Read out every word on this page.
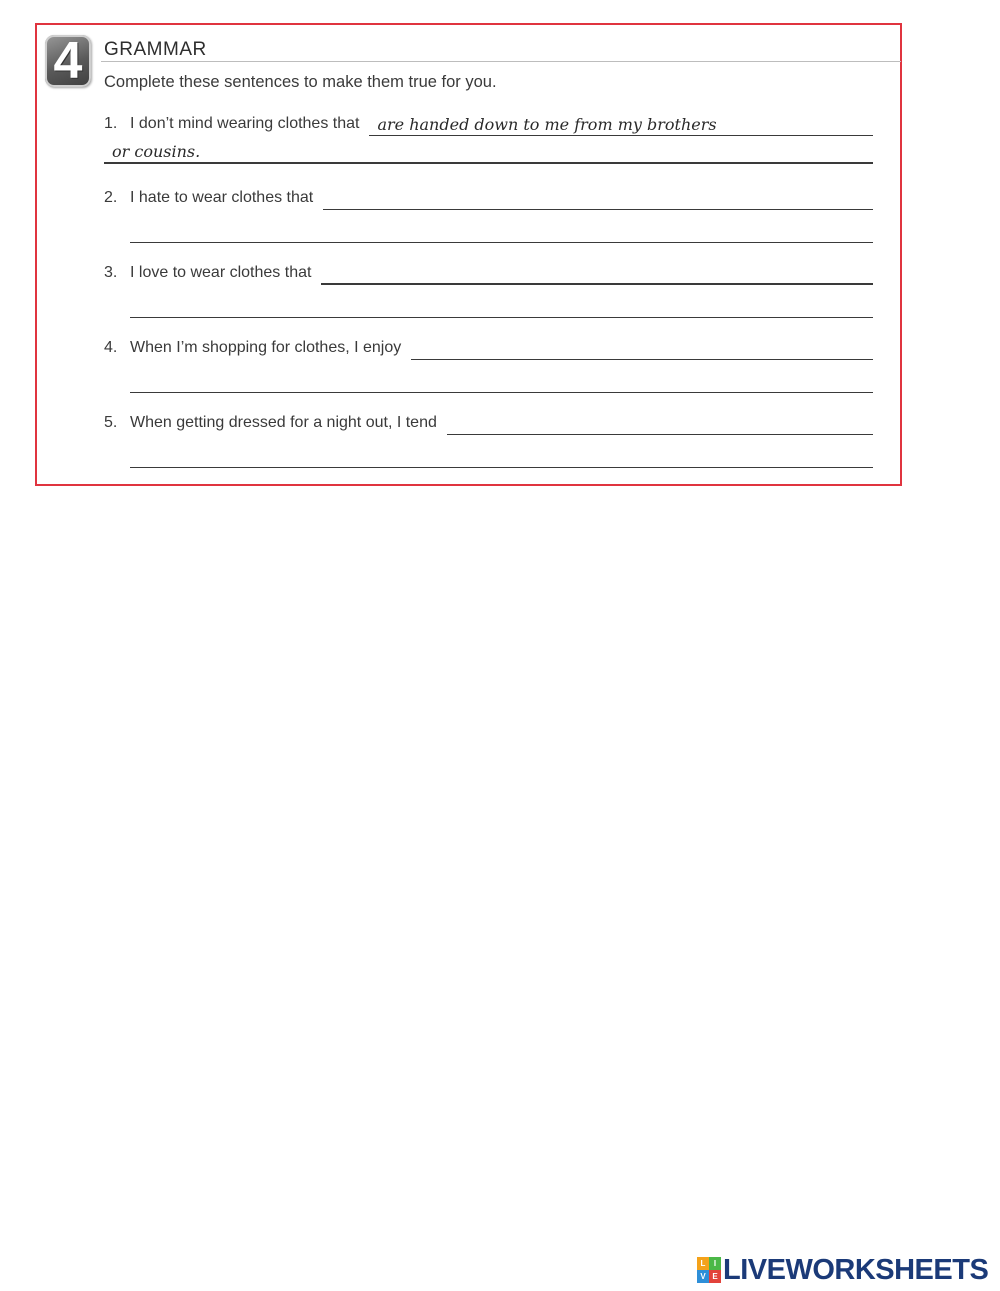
4 GRAMMAR
Complete these sentences to make them true for you.
1. I don’t mind wearing clothes that are handed down to me from my brothers
or cousins.
2. I hate to wear clothes that
3. I love to wear clothes that
4. When I’m shopping for clothes, I enjoy
5. When getting dressed for a night out, I tend
L	I
V E LIVEWORKSHEETS
